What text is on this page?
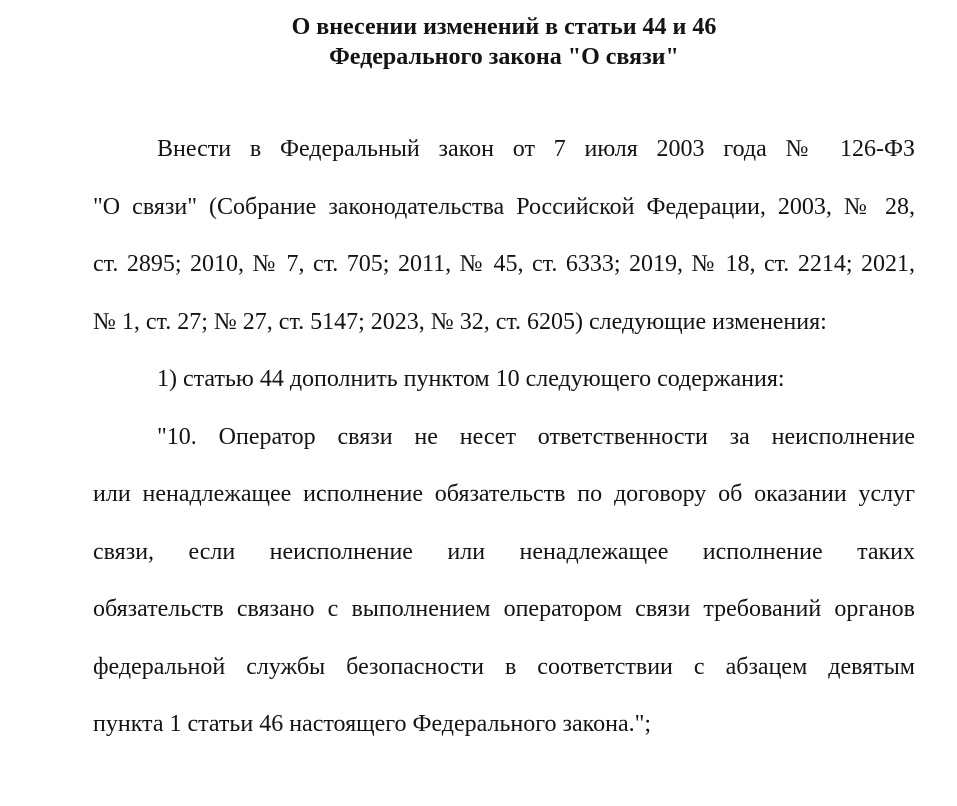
О внесении изменений в статьи 44 и 46
Федерального закона "О связи"
Внести в Федеральный закон от 7 июля 2003 года № 126-ФЗ
"О связи" (Собрание законодательства Российской Федерации, 2003, № 28,
ст. 2895; 2010, № 7, ст. 705; 2011, № 45, ст. 6333; 2019, № 18, ст. 2214; 2021,
№ 1, ст. 27; № 27, ст. 5147; 2023, № 32, ст. 6205) следующие изменения:
1) статью 44 дополнить пунктом 10 следующего содержания:
"10. Оператор связи не несет ответственности за неисполнение
или ненадлежащее исполнение обязательств по договору об оказании услуг
связи, если неисполнение или ненадлежащее исполнение таких
обязательств связано с выполнением оператором связи требований органов
федеральной службы безопасности в соответствии с абзацем девятым
пункта 1 статьи 46 настоящего Федерального закона.";
